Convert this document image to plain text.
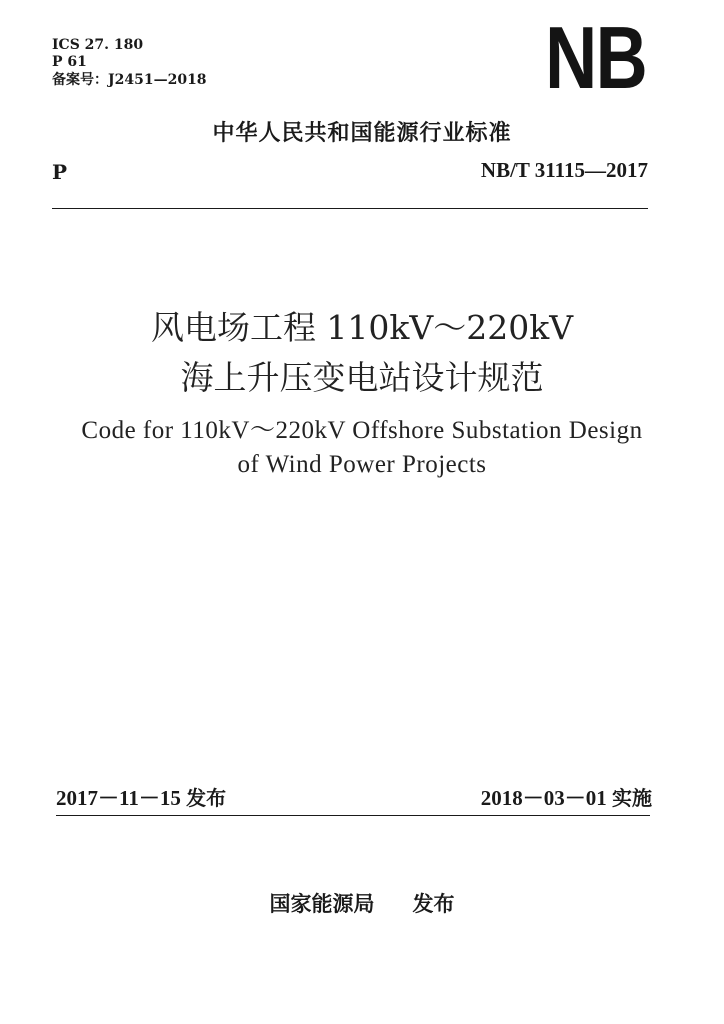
ICS 27. 180
P 61
备案号：J2451—2018	NB
中华人民共和国能源行业标准
P	NB/T 31115—2017
风电场工程 110kV～220kV
海上升压变电站设计规范
Code for 110kV～220kV Offshore Substation Design
of Wind Power Projects
2017－11－15 发布	2018－03－01 实施
国家能源局 发布
